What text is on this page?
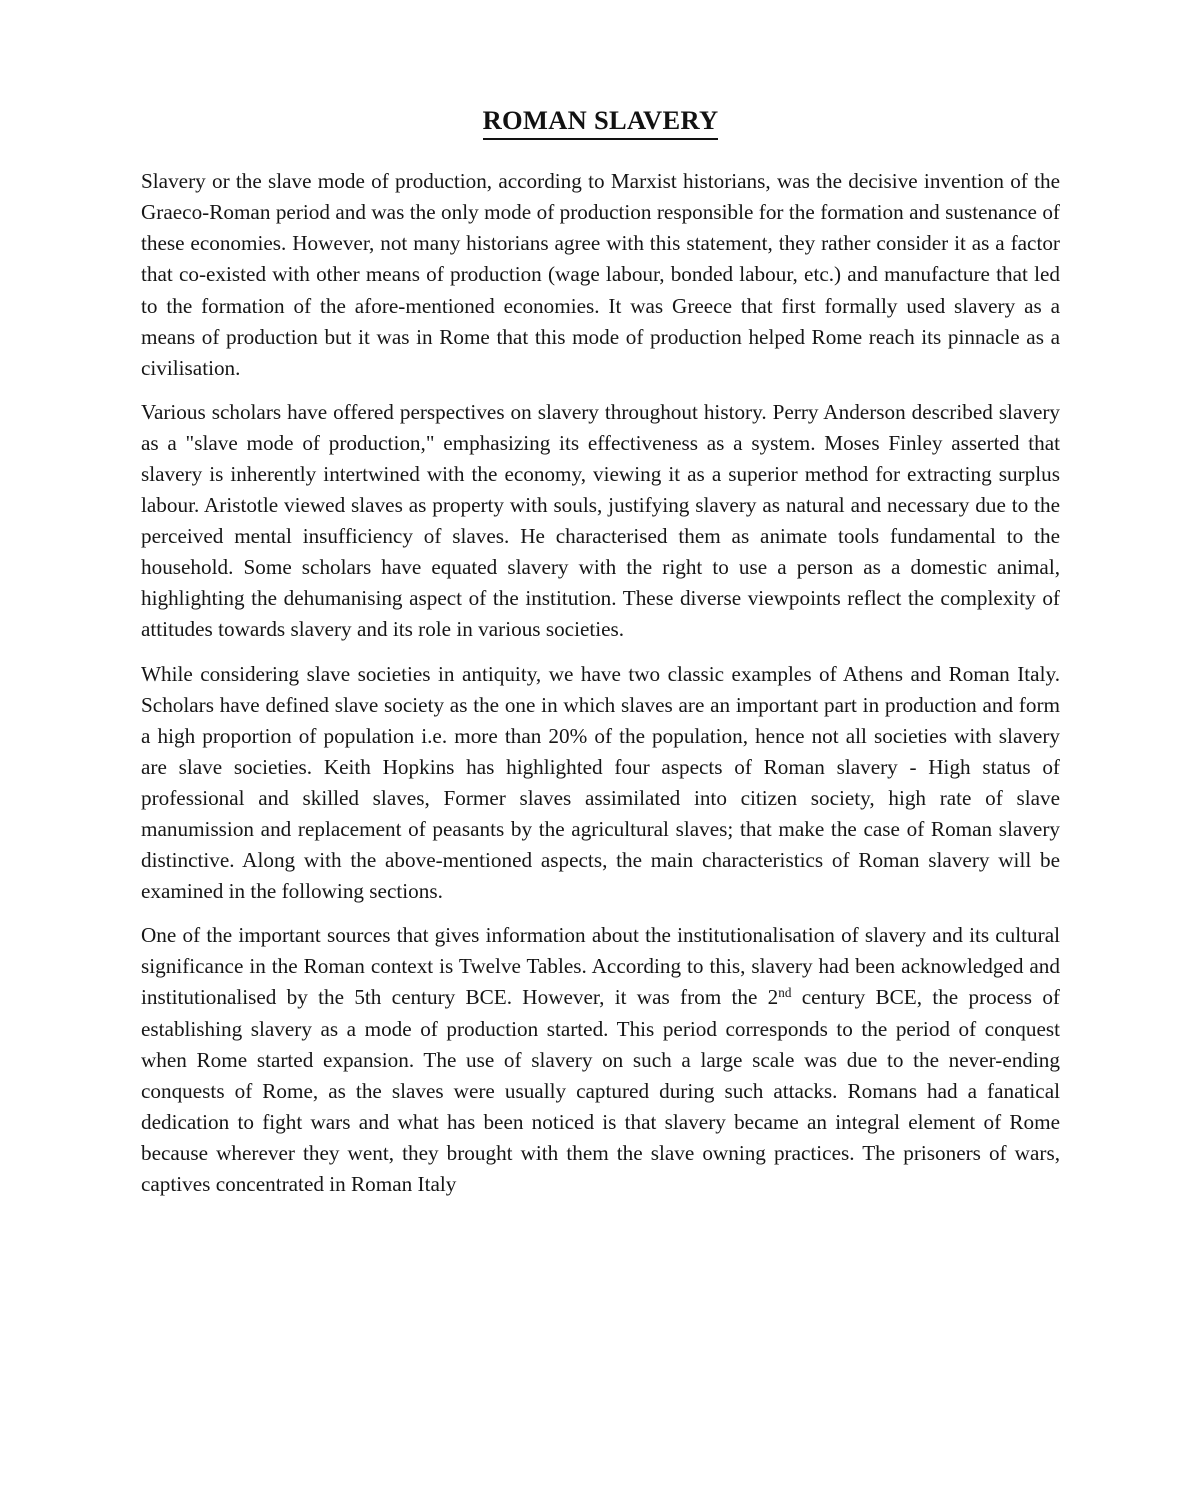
ROMAN SLAVERY

Slavery or the slave mode of production, according to Marxist historians, was the decisive invention of the Graeco-Roman period and was the only mode of production responsible for the formation and sustenance of these economies. However, not many historians agree with this statement, they rather consider it as a factor that co-existed with other means of production (wage labour, bonded labour, etc.) and manufacture that led to the formation of the afore-mentioned economies. It was Greece that first formally used slavery as a means of production but it was in Rome that this mode of production helped Rome reach its pinnacle as a civilisation.

Various scholars have offered perspectives on slavery throughout history. Perry Anderson described slavery as a "slave mode of production," emphasizing its effectiveness as a system. Moses Finley asserted that slavery is inherently intertwined with the economy, viewing it as a superior method for extracting surplus labour. Aristotle viewed slaves as property with souls, justifying slavery as natural and necessary due to the perceived mental insufficiency of slaves. He characterised them as animate tools fundamental to the household. Some scholars have equated slavery with the right to use a person as a domestic animal, highlighting the dehumanising aspect of the institution. These diverse viewpoints reflect the complexity of attitudes towards slavery and its role in various societies.

While considering slave societies in antiquity, we have two classic examples of Athens and Roman Italy. Scholars have defined slave society as the one in which slaves are an important part in production and form a high proportion of population i.e. more than 20% of the population, hence not all societies with slavery are slave societies. Keith Hopkins has highlighted four aspects of Roman slavery - High status of professional and skilled slaves, Former slaves assimilated into citizen society, high rate of slave manumission and replacement of peasants by the agricultural slaves; that make the case of Roman slavery distinctive. Along with the above-mentioned aspects, the main characteristics of Roman slavery will be examined in the following sections.

One of the important sources that gives information about the institutionalisation of slavery and its cultural significance in the Roman context is Twelve Tables. According to this, slavery had been acknowledged and institutionalised by the 5th century BCE. However, it was from the 2nd century BCE, the process of establishing slavery as a mode of production started. This period corresponds to the period of conquest when Rome started expansion. The use of slavery on such a large scale was due to the never-ending conquests of Rome, as the slaves were usually captured during such attacks. Romans had a fanatical dedication to fight wars and what has been noticed is that slavery became an integral element of Rome because wherever they went, they brought with them the slave owning practices. The prisoners of wars, captives concentrated in Roman Italy
